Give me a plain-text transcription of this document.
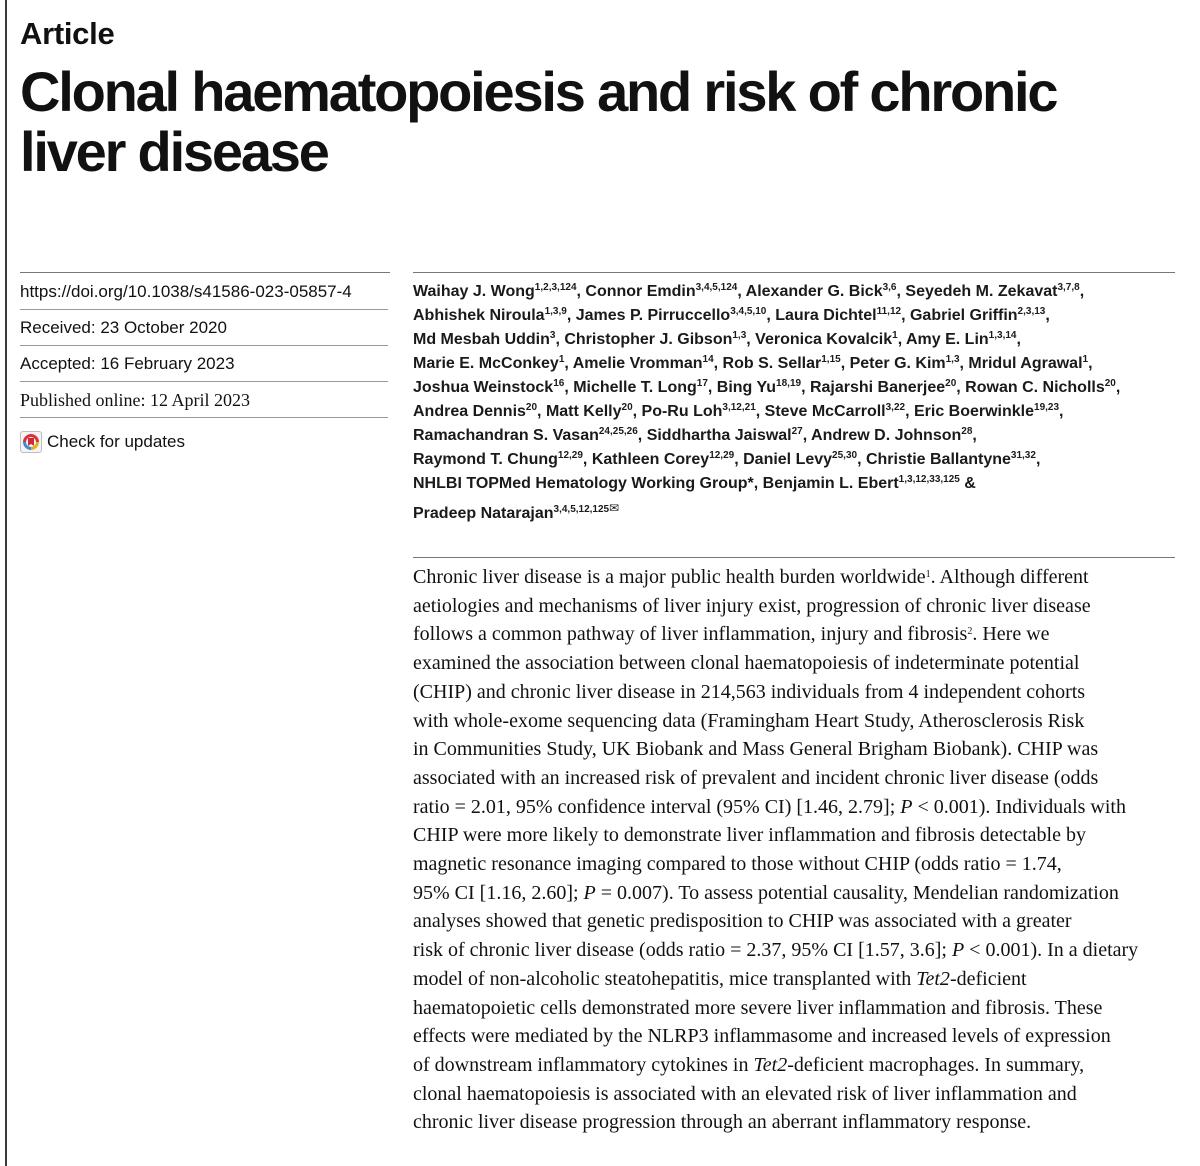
Article
Clonal haematopoiesis and risk of chronic
liver disease
https://doi.org/10.1038/s41586-023-05857-4
Received: 23 October 2020
Accepted: 16 February 2023
Published online: 12 April 2023
Check for updates
Waihay J. Wong$^{1,2,3,124}$, Connor Emdin$^{3,4,5,124}$, Alexander G. Bick$^{3,6}$, Seyedeh M. Zekavat$^{3,7,8}$,
Abhishek Niroula$^{1,3,9}$, James P. Pirruccello$^{3,4,5,10}$, Laura Dichtel$^{11,12}$, Gabriel Griffin$^{2,3,13}$,
Md Mesbah Uddin$^3$, Christopher J. Gibson$^{1,3}$, Veronica Kovalcik$^1$, Amy E. Lin$^{1,3,14}$,
Marie E. McConkey$^1$, Amelie Vromman$^{14}$, Rob S. Sellar$^{1,15}$, Peter G. Kim$^{1,3}$, Mridul Agrawal$^1$,
Joshua Weinstock$^{16}$, Michelle T. Long$^{17}$, Bing Yu$^{18,19}$, Rajarshi Banerjee$^{20}$, Rowan C. Nicholls$^{20}$,
Andrea Dennis$^{20}$, Matt Kelly$^{20}$, Po-Ru Loh$^{3,12,21}$, Steve McCarroll$^{3,22}$, Eric Boerwinkle$^{19,23}$,
Ramachandran S. Vasan$^{24,25,26}$, Siddhartha Jaiswal$^{27}$, Andrew D. Johnson$^{28}$,
Raymond T. Chung$^{12,29}$, Kathleen Corey$^{12,29}$, Daniel Levy$^{25,30}$, Christie Ballantyne$^{31,32}$,
NHLBI TOPMed Hematology Working Group*, Benjamin L. Ebert$^{1,3,12,33,125}$ &
Pradeep Natarajan$^{3,4,5,12,125✉}$
Chronic liver disease is a major public health burden worldwide$^1$. Although different
aetiologies and mechanisms of liver injury exist, progression of chronic liver disease
follows a common pathway of liver inflammation, injury and fibrosis$^2$. Here we
examined the association between clonal haematopoiesis of indeterminate potential
(CHIP) and chronic liver disease in 214,563 individuals from 4 independent cohorts
with whole-exome sequencing data (Framingham Heart Study, Atherosclerosis Risk
in Communities Study, UK Biobank and Mass General Brigham Biobank). CHIP was
associated with an increased risk of prevalent and incident chronic liver disease (odds
ratio = 2.01, 95% confidence interval (95% CI) [1.46, 2.79]; P < 0.001). Individuals with
CHIP were more likely to demonstrate liver inflammation and fibrosis detectable by
magnetic resonance imaging compared to those without CHIP (odds ratio = 1.74,
95% CI [1.16, 2.60]; P = 0.007). To assess potential causality, Mendelian randomization
analyses showed that genetic predisposition to CHIP was associated with a greater
risk of chronic liver disease (odds ratio = 2.37, 95% CI [1.57, 3.6]; P < 0.001). In a dietary
model of non-alcoholic steatohepatitis, mice transplanted with Tet2-deficient
haematopoietic cells demonstrated more severe liver inflammation and fibrosis. These
effects were mediated by the NLRP3 inflammasome and increased levels of expression
of downstream inflammatory cytokines in Tet2-deficient macrophages. In summary,
clonal haematopoiesis is associated with an elevated risk of liver inflammation and
chronic liver disease progression through an aberrant inflammatory response.
